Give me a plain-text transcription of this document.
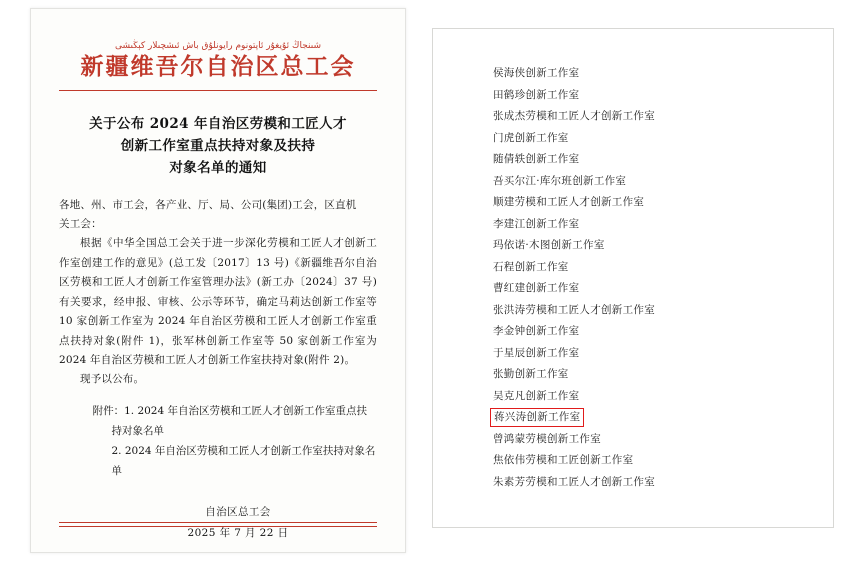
شىنجاڭ ئۇيغۇر ئاپتونوم رايونلۇق باش ئىشچىلار كېڭىشى
新疆维吾尔自治区总工会
关于公布 2024 年自治区劳模和工匠人才
创新工作室重点扶持对象及扶持
对象名单的通知

各地、州、市工会，各产业、厅、局、公司(集团)工会，区直机

关工会：

根据《中华全国总工会关于进一步深化劳模和工匠人才创新工作室创建工作的意见》(总工发〔2017〕13 号)《新疆维吾尔自治区劳模和工匠人才创新工作室管理办法》(新工办〔2024〕37 号)有关要求，经申报、审核、公示等环节，确定马莉达创新工作室等 10 家创新工作室为 2024 年自治区劳模和工匠人才创新工作室重点扶持对象(附件 1)，张军林创新工作室等 50 家创新工作室为 2024 年自治区劳模和工匠人才创新工作室扶持对象(附件 2)。

现予以公布。

附件：1. 2024 年自治区劳模和工匠人才创新工作室重点扶
持对象名单
2. 2024 年自治区劳模和工匠人才创新工作室扶持对象名单
自治区总工会
2025 年 7 月 22 日
侯海侠创新工作室
田鹤珍创新工作室
张成杰劳模和工匠人才创新工作室
门虎创新工作室
随倩轶创新工作室
吾买尔江·库尔班创新工作室
顺建劳模和工匠人才创新工作室
李建江创新工作室
玛依诺·木图创新工作室
石程创新工作室
曹红建创新工作室
张洪涛劳模和工匠人才创新工作室
李金钟创新工作室
于星辰创新工作室
张勤创新工作室
吴克凡创新工作室
蒋兴涛创新工作室
曾鸿蒙劳模创新工作室
焦依伟劳模和工匠创新工作室
朱素芳劳模和工匠人才创新工作室
